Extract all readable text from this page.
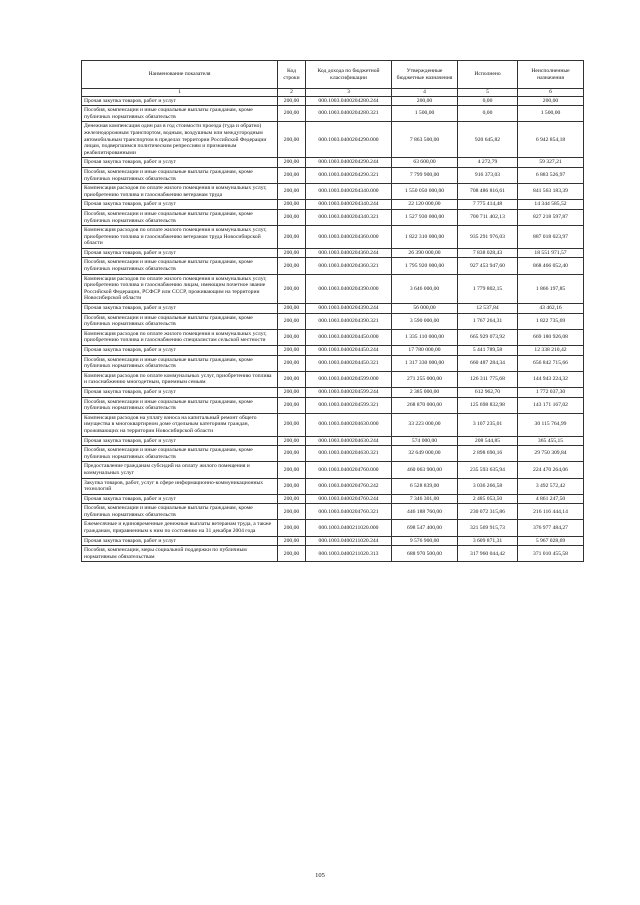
Наименование показателя	Код строки	Код дохода по бюджетной классификации	Утвержденные бюджетные назначения	Исполнено	Неисполненные назначения
1	2	3	4	5	6
Прочая закупка товаров, работ и услуг	200,00	000.1003.0400204280.244	200,00	0,00	200,00
Пособия, компенсации и иные социальные выплаты гражданам, кроме публичных нормативных обязательств	200,00	000.1003.0400204280.321	1 500,00	0,00	1 500,00
Денежная компенсация один раз в год стоимости проезда (туда и обратно) железнодорожным транспортом, водным, воздушным или междугородным автомобильным транспортом в пределах территории Российской Федерации лицам, подвергшимся политическим репрессиям и признанным реабилитированными	200,00	000.1003.0400204290.000	7 863 500,00	920 645,82	6 942 854,18
Прочая закупка товаров, работ и услуг	200,00	000.1003.0400204290.244	63 600,00	4 272,79	59 327,21
Пособия, компенсации и иные социальные выплаты гражданам, кроме публичных нормативных обязательств	200,00	000.1003.0400204290.321	7 799 900,00	916 373,03	6 883 526,97
Компенсация расходов по оплате жилого помещения и коммунальных услуг, приобретению топлива и газоснабжению ветеранам труда	200,00	000.1003.0400204340.000	1 550 050 000,00	708 486 816,61	841 563 183,39
Прочая закупка товаров, работ и услуг	200,00	000.1003.0400204340.244	22 120 000,00	7 775 414,48	14 344 585,52
Пособия, компенсации и иные социальные выплаты гражданам, кроме публичных нормативных обязательств	200,00	000.1003.0400204340.321	1 527 930 000,00	700 711 402,13	827 218 597,87
Компенсация расходов по оплате жилого помещения и коммунальных услуг, приобретению топлива и газоснабжению ветеранам труда Новосибирской области	200,00	000.1003.0400204360.000	1 822 310 000,00	935 291 976,03	887 018 023,97
Прочая закупка товаров, работ и услуг	200,00	000.1003.0400204360.244	26 390 000,00	7 838 028,43	18 551 971,57
Пособия, компенсации и иные социальные выплаты гражданам, кроме публичных нормативных обязательств	200,00	000.1003.0400204360.321	1 795 920 000,00	927 453 947,60	868 466 052,40
Компенсация расходов по оплате жилого помещения и коммунальных услуг, приобретению топлива и газоснабжению лицам, имеющим почетное звание Российской Федерации, РСФСР или СССР, проживающим на территории Новосибирской области	200,00	000.1003.0400204390.000	3 646 000,00	1 779 802,15	1 866 197,85
Прочая закупка товаров, работ и услуг	200,00	000.1003.0400204390.244	56 000,00	12 537,84	43 462,16
Пособия, компенсации и иные социальные выплаты гражданам, кроме публичных нормативных обязательств	200,00	000.1003.0400204390.321	3 590 000,00	1 767 264,31	1 822 735,69
Компенсация расходов по оплате жилого помещения и коммунальных услуг, приобретению топлива и газоснабжению специалистам сельской местности	200,00	000.1003.0400204450.000	1 335 110 000,00	665 929 073,92	669 180 926,08
Прочая закупка товаров, работ и услуг	200,00	000.1003.0400204450.244	17 780 000,00	5 441 789,58	12 338 210,42
Пособия, компенсации и иные социальные выплаты гражданам, кроме публичных нормативных обязательств	200,00	000.1003.0400204450.321	1 317 330 000,00	660 487 284,34	656 842 715,66
Компенсация расходов по оплате коммунальных услуг, приобретению топлива и газоснабжению многодетным, приемным семьям	200,00	000.1003.0400204599.000	271 255 000,00	126 311 775,68	144 943 224,32
Прочая закупка товаров, работ и услуг	200,00	000.1003.0400204599.244	2 385 000,00	612 962,70	1 772 037,30
Пособия, компенсации и иные социальные выплаты гражданам, кроме публичных нормативных обязательств	200,00	000.1003.0400204599.321	268 870 000,00	125 698 832,98	143 171 167,02
Компенсация расходов на уплату взноса на капитальный ремонт общего имущества в многоквартирном доме отдельным категориям граждан, проживающих на территории Новосибирской области	200,00	000.1003.0400204630.000	33 223 000,00	3 107 235,01	30 115 764,99
Прочая закупка товаров, работ и услуг	200,00	000.1003.0400204630.244	574 000,00	208 544,85	365 455,15
Пособия, компенсации и иные социальные выплаты гражданам, кроме публичных нормативных обязательств	200,00	000.1003.0400204630.321	32 649 000,00	2 898 690,16	29 750 309,84
Предоставление гражданам субсидий на оплату жилого помещения и коммунальных услуг	200,00	000.1003.0400204760.000	460 063 900,00	235 593 635,94	224 470 264,06
Закупка товаров, работ, услуг в сфере информационно-коммуникационных технологий	200,00	000.1003.0400204760.242	6 528 839,00	3 036 266,58	3 492 572,42
Прочая закупка товаров, работ и услуг	200,00	000.1003.0400204760.244	7 346 301,00	2 485 053,50	4 861 247,50
Пособия, компенсации и иные социальные выплаты гражданам, кроме публичных нормативных обязательств	200,00	000.1003.0400204760.321	446 188 760,00	230 072 315,86	216 116 444,14
Ежемесячные и единовременные денежные выплаты ветеранам труда, а также гражданам, приравненным к ним по состоянию на 31 декабря 2004 года	200,00	000.1003.0400211020.000	698 547 400,00	321 569 915,73	376 977 484,27
Прочая закупка товаров, работ и услуг	200,00	000.1003.0400211020.244	9 576 900,00	3 609 871,31	5 967 028,69
Пособия, компенсации, меры социальной поддержки по публичным нормативным обязательствам	200,00	000.1003.0400211020.313	688 970 500,00	317 960 044,42	371 010 455,58
105
